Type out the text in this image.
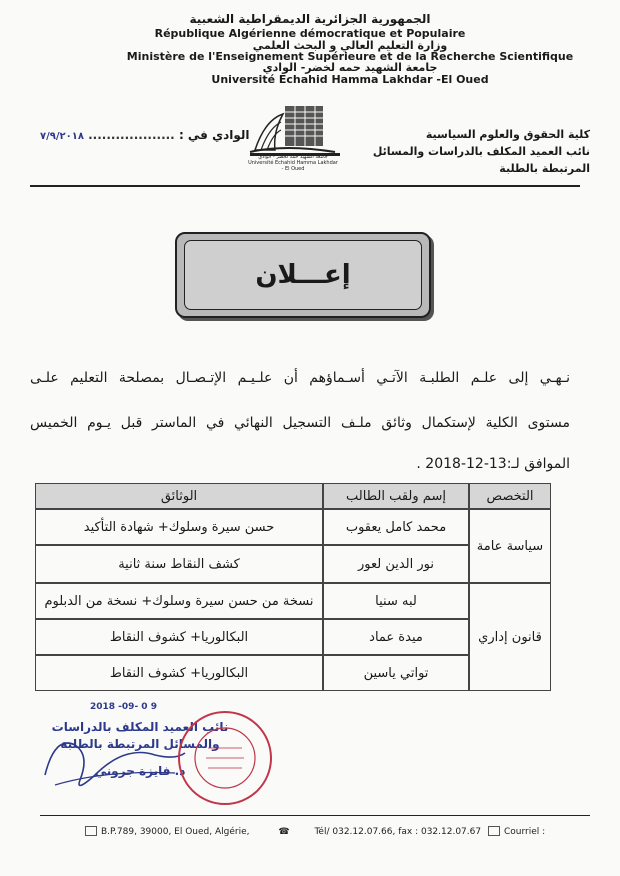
الجمهورية الجزائرية الديمقراطية الشعبية
République Algérienne démocratique et Populaire
وزارة التعليم العالي و البحث العلمي
Ministère de l'Enseignement Supérieure et de la Recherche Scientifique
جامعة الشهيد حمه لخضر- الوادي
Université Echahid Hamma Lakhdar -El Oued
كلية الحقوق والعلوم السياسية
نائب العميد المكلف بالدراسات والمسائل المرتبطة بالطلبة
الوادي في : ................... ٧/٩/٢٠١٨
جامعة الشهيد حمه لخضر - الوادي
Université Echahid Hamma Lakhdar - El Oued
إعـــلان
نـهـي إلى علـم الطلبـة الآتـي أسـماؤهم أن علـيـم الإتـصـال بمصلحة التعليم علـى
مستوى الكلية لإستكمال وثائق ملـف التسجيل النهائي في الماستر قبل يـوم الخميس
الموافق لـ:13-12-2018 .
التخصص	إسم ولقب الطالب	الوثائق
سياسة عامة	محمد كامل يعقوب	حسن سيرة وسلوك+ شهادة التأكيد
	نور الدين لعور	كشف النقاط سنة ثانية
قانون إداري	لبه سنيا	نسخة من حسن سيرة وسلوك+ نسخة من الدبلوم
	ميدة عماد	البكالوريا+ كشوف النقاط
	تواتي ياسين	البكالوريا+ كشوف النقاط
2018 -09- 0 9
نائب العميد المكلف بالدراسات
والمسائل المرتبطة بالطلبة
د. فايزة جروني
B.P.789, 39000, El Oued, Algérie,	☎	Tél/ 032.12.07.66, fax : 032.12.07.67	Courriel :
